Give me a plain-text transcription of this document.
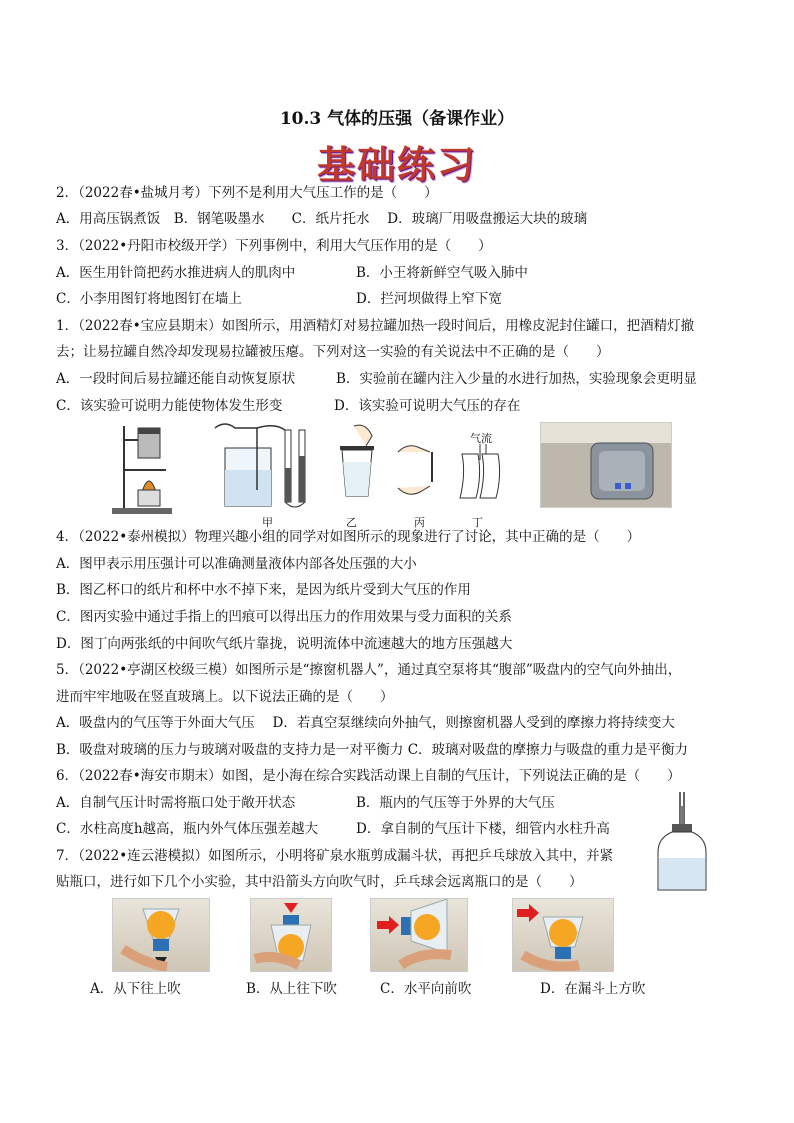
10.3 气体的压强（备课作业）
基础练习
2．（2022春•盐城月考）下列不是利用大气压工作的是（　　）
A．用高压锅煮饭　B．钢笔吸墨水　　C．纸片托水　 D．玻璃厂用吸盘搬运大块的玻璃
3．（2022•丹阳市校级开学）下列事例中，利用大气压作用的是（　　）
A．医生用针筒把药水推进病人的肌肉中	B．小王将新鲜空气吸入肺中
C．小李用图钉将地图钉在墙上	D．拦河坝做得上窄下宽
1．（2022春•宝应县期末）如图所示，用酒精灯对易拉罐加热一段时间后，用橡皮泥封住罐口，把酒精灯撤
去；让易拉罐自然冷却发现易拉罐被压瘪。下列对这一实验的有关说法中不正确的是（　　）
A．一段时间后易拉罐还能自动恢复原状	B．实验前在罐内注入少量的水进行加热，实验现象会更明显
C．该实验可说明力能使物体发生形变	D．该实验可说明大气压的存在
气流
甲	乙	丙	丁
4．（2022•泰州模拟）物理兴趣小组的同学对如图所示的现象进行了讨论，其中正确的是（　　）
A．图甲表示用压强计可以准确测量液体内部各处压强的大小
B．图乙杯口的纸片和杯中水不掉下来，是因为纸片受到大气压的作用
C．图丙实验中通过手指上的凹痕可以得出压力的作用效果与受力面积的关系
D．图丁向两张纸的中间吹气纸片靠拢，说明流体中流速越大的地方压强越大
5．（2022•亭湖区校级三模）如图所示是“擦窗机器人”，通过真空泵将其“腹部”吸盘内的空气向外抽出，
进而牢牢地吸在竖直玻璃上。以下说法正确的是（　　）
A．吸盘内的气压等于外面大气压　 D．若真空泵继续向外抽气，则擦窗机器人受到的摩擦力将持续变大
B．吸盘对玻璃的压力与玻璃对吸盘的支持力是一对平衡力 C．玻璃对吸盘的摩擦力与吸盘的重力是平衡力
6．（2022春•海安市期末）如图，是小海在综合实践活动课上自制的气压计，下列说法正确的是（　　）
A．自制气压计时需将瓶口处于敞开状态	B．瓶内的气压等于外界的大气压
C．水柱高度h越高，瓶内外气体压强差越大	D．拿自制的气压计下楼，细管内水柱升高
7．（2022•连云港模拟）如图所示，小明将矿泉水瓶剪成漏斗状，再把乒乓球放入其中，并紧
贴瓶口，进行如下几个小实验，其中沿箭头方向吹气时，乒乓球会远离瓶口的是（　　）
A．从下往上吹	B．从上往下吹	C．水平向前吹	D．在漏斗上方吹
